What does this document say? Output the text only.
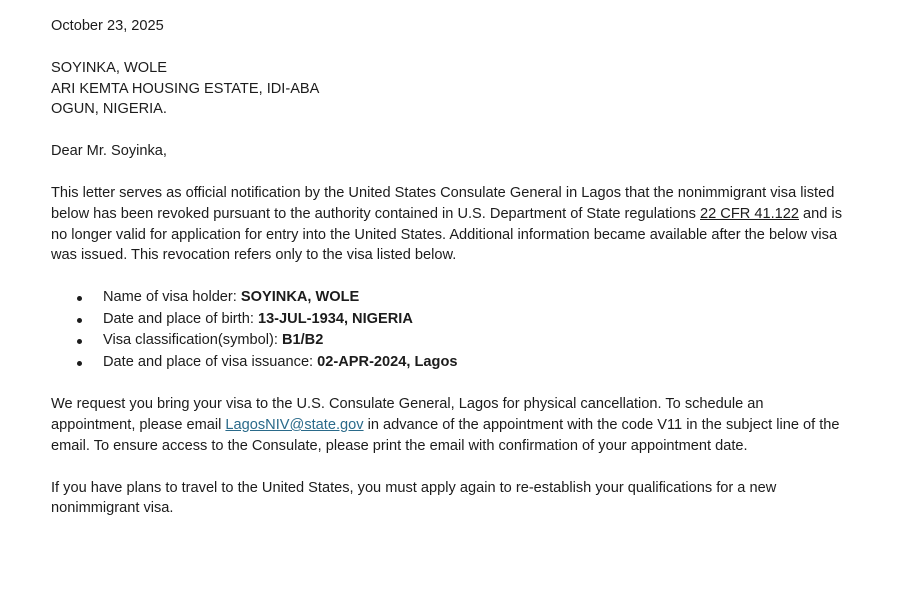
October 23, 2025

SOYINKA, WOLE

ARI KEMTA HOUSING ESTATE, IDI-ABA

OGUN, NIGERIA.

Dear Mr. Soyinka,

This letter serves as official notification by the United States Consulate General in Lagos that the nonimmigrant visa listed below has been revoked pursuant to the authority contained in U.S. Department of State regulations 22 CFR 41.122 and is no longer valid for application for entry into the United States. Additional information became available after the below visa was issued. This revocation refers only to the visa listed below.

Name of visa holder: SOYINKA, WOLE
Date and place of birth: 13-JUL-1934, NIGERIA
Visa classification(symbol): B1/B2
Date and place of visa issuance: 02-APR-2024, Lagos

We request you bring your visa to the U.S. Consulate General, Lagos for physical cancellation. To schedule an appointment, please email LagosNIV@state.gov in advance of the appointment with the code V11 in the subject line of the email. To ensure access to the Consulate, please print the email with confirmation of your appointment date.

If you have plans to travel to the United States, you must apply again to re-establish your qualifications for a new nonimmigrant visa.
